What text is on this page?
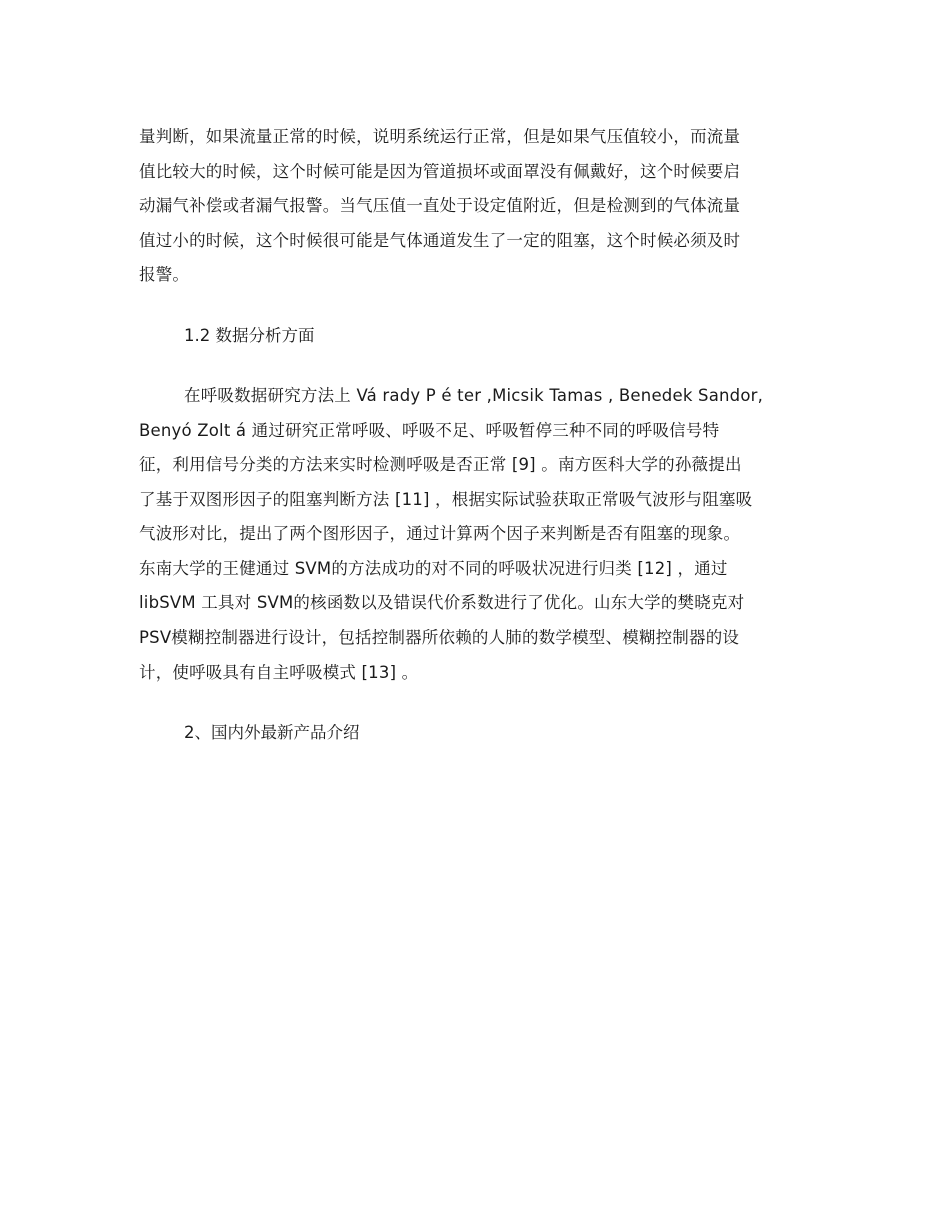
量判断，如果流量正常的时候，说明系统运行正常，但是如果气压值较小，而流量
值比较大的时候，这个时候可能是因为管道损坏或面罩没有佩戴好，这个时候要启
动漏气补偿或者漏气报警。当气压值一直处于设定值附近，但是检测到的气体流量
值过小的时候，这个时候很可能是气体通道发生了一定的阻塞，这个时候必须及时
报警。
1.2 数据分析方面
在呼吸数据研究方法上 Vá rady P é ter ,Micsik Tamas , Benedek Sandor,
Benyó Zolt á 通过研究正常呼吸、呼吸不足、呼吸暂停三种不同的呼吸信号特
征，利用信号分类的方法来实时检测呼吸是否正常 [9] 。南方医科大学的孙薇提出
了基于双图形因子的阻塞判断方法 [11] ，根据实际试验获取正常吸气波形与阻塞吸
气波形对比，提出了两个图形因子，通过计算两个因子来判断是否有阻塞的现象。
东南大学的王健通过 SVM的方法成功的对不同的呼吸状况进行归类 [12] ，通过
libSVM 工具对 SVM的核函数以及错误代价系数进行了优化。山东大学的樊晓克对
PSV模糊控制器进行设计，包括控制器所依赖的人肺的数学模型、模糊控制器的设
计，使呼吸具有自主呼吸模式 [13] 。
2、国内外最新产品介绍
